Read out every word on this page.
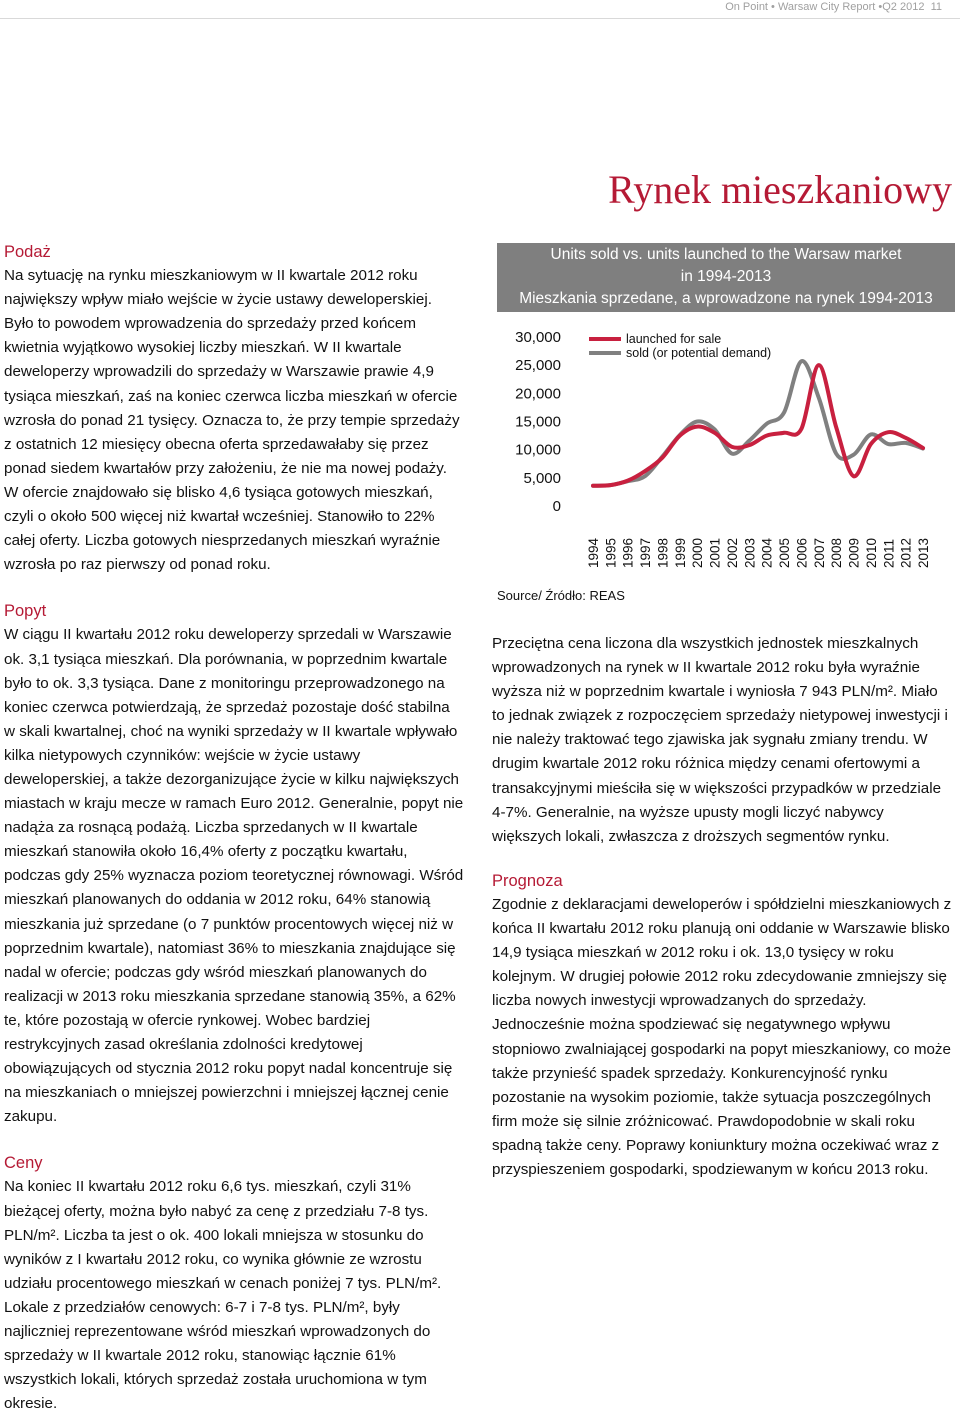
On Point • Warsaw City Report •Q2 2012 11
Rynek mieszkaniowy
Podaż
Na sytuację na rynku mieszkaniowym w II kwartale 2012 roku
największy wpływ miało wejście w życie ustawy deweloperskiej.
Było to powodem wprowadzenia do sprzedaży przed końcem
kwietnia wyjątkowo wysokiej liczby mieszkań. W II kwartale
deweloperzy wprowadzili do sprzedaży w Warszawie prawie 4,9
tysiąca mieszkań, zaś na koniec czerwca liczba mieszkań w ofercie
wzrosła do ponad 21 tysięcy. Oznacza to, że przy tempie sprzedaży
z ostatnich 12 miesięcy obecna oferta sprzedawałaby się przez
ponad siedem kwartałów przy założeniu, że nie ma nowej podaży.
W ofercie znajdowało się blisko 4,6 tysiąca gotowych mieszkań,
czyli o około 500 więcej niż kwartał wcześniej. Stanowiło to 22%
całej oferty. Liczba gotowych niesprzedanych mieszkań wyraźnie
wzrosła po raz pierwszy od ponad roku.
Popyt
W ciągu II kwartału 2012 roku deweloperzy sprzedali w Warszawie
ok. 3,1 tysiąca mieszkań. Dla porównania, w poprzednim kwartale
było to ok. 3,3 tysiąca. Dane z monitoringu przeprowadzonego na
koniec czerwca potwierdzają, że sprzedaż pozostaje dość stabilna
w skali kwartalnej, choć na wyniki sprzedaży w II kwartale wpływało
kilka nietypowych czynników: wejście w życie ustawy
deweloperskiej, a także dezorganizujące życie w kilku największych
miastach w kraju mecze w ramach Euro 2012. Generalnie, popyt nie
nadąża za rosnącą podażą. Liczba sprzedanych w II kwartale
mieszkań stanowiła około 16,4% oferty z początku kwartału,
podczas gdy 25% wyznacza poziom teoretycznej równowagi. Wśród
mieszkań planowanych do oddania w 2012 roku, 64% stanowią
mieszkania już sprzedane (o 7 punktów procentowych więcej niż w
poprzednim kwartale), natomiast 36% to mieszkania znajdujące się
nadal w ofercie; podczas gdy wśród mieszkań planowanych do
realizacji w 2013 roku mieszkania sprzedane stanowią 35%, a 62%
te, które pozostają w ofercie rynkowej. Wobec bardziej
restrykcyjnych zasad określania zdolności kredytowej
obowiązujących od stycznia 2012 roku popyt nadal koncentruje się
na mieszkaniach o mniejszej powierzchni i mniejszej łącznej cenie
zakupu.
Ceny
Na koniec II kwartału 2012 roku 6,6 tys. mieszkań, czyli 31%
bieżącej oferty, można było nabyć za cenę z przedziału 7-8 tys.
PLN/m². Liczba ta jest o ok. 400 lokali mniejsza w stosunku do
wyników z I kwartału 2012 roku, co wynika głównie ze wzrostu
udziału procentowego mieszkań w cenach poniżej 7 tys. PLN/m².
Lokale z przedziałów cenowych: 6-7 i 7-8 tys. PLN/m², były
najliczniej reprezentowane wśród mieszkań wprowadzonych do
sprzedaży w II kwartale 2012 roku, stanowiąc łącznie 61%
wszystkich lokali, których sprzedaż została uruchomiona w tym
okresie.
Units sold vs. units launched to the Warsaw market
in 1994-2013
Mieszkania sprzedane, a wprowadzone na rynek 1994-2013
0
5,000
10,000
15,000
20,000
25,000
30,000
1994 1995 1996 1997 1998 1999 2000 2001 2002 2003 2004 2005 2006 2007 2008 2009 2010 2011 2012 2013
launched for sale
sold (or potential demand)
Source/ Źródło: REAS
Przeciętna cena liczona dla wszystkich jednostek mieszkalnych
wprowadzonych na rynek w II kwartale 2012 roku była wyraźnie
wyższa niż w poprzednim kwartale i wyniosła 7 943 PLN/m². Miało
to jednak związek z rozpoczęciem sprzedaży nietypowej inwestycji i
nie należy traktować tego zjawiska jak sygnału zmiany trendu. W
drugim kwartale 2012 roku różnica między cenami ofertowymi a
transakcyjnymi mieściła się w większości przypadków w przedziale
4-7%. Generalnie, na wyższe upusty mogli liczyć nabywcy
większych lokali, zwłaszcza z droższych segmentów rynku.
Prognoza
Zgodnie z deklaracjami deweloperów i spółdzielni mieszkaniowych z
końca II kwartału 2012 roku planują oni oddanie w Warszawie blisko
14,9 tysiąca mieszkań w 2012 roku i ok. 13,0 tysięcy w roku
kolejnym. W drugiej połowie 2012 roku zdecydowanie zmniejszy się
liczba nowych inwestycji wprowadzanych do sprzedaży.
Jednocześnie można spodziewać się negatywnego wpływu
stopniowo zwalniającej gospodarki na popyt mieszkaniowy, co może
także przynieść spadek sprzedaży. Konkurencyjność rynku
pozostanie na wysokim poziomie, także sytuacja poszczególnych
firm może się silnie zróżnicować. Prawdopodobnie w skali roku
spadną także ceny. Poprawy koniunktury można oczekiwać wraz z
przyspieszeniem gospodarki, spodziewanym w końcu 2013 roku.
